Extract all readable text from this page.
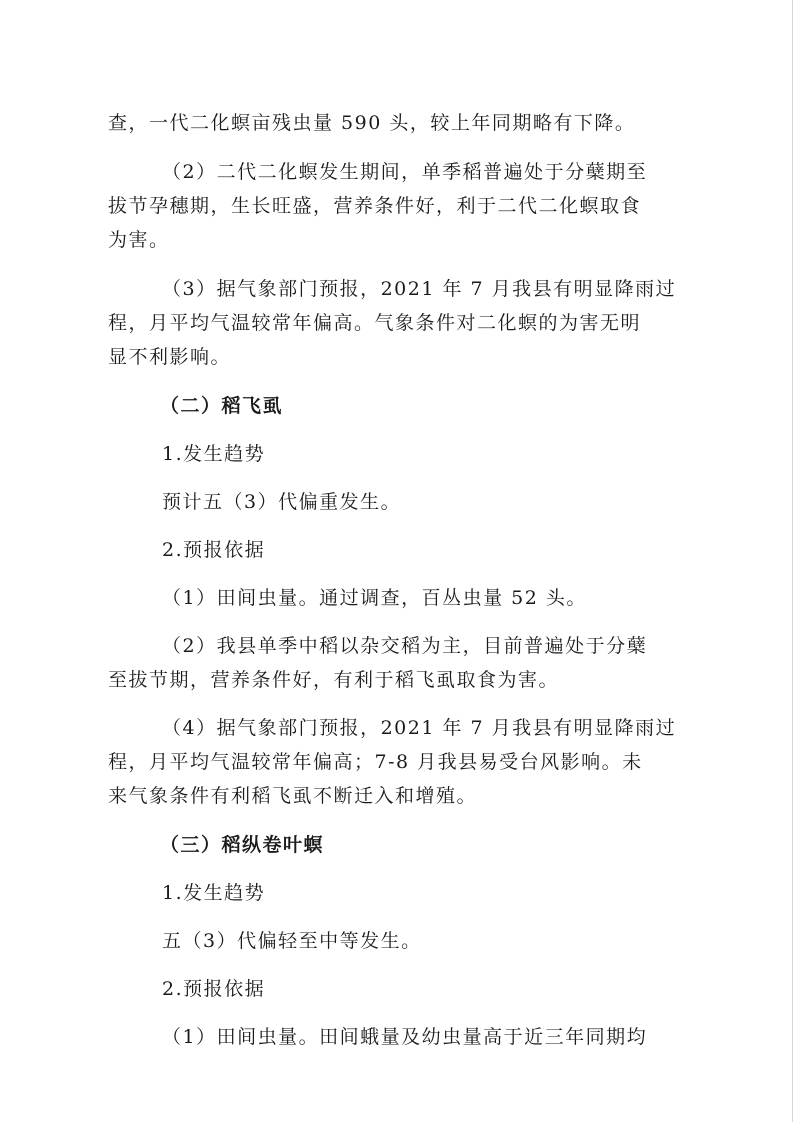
查，一代二化螟亩残虫量 590 头，较上年同期略有下降。
（2）二代二化螟发生期间，单季稻普遍处于分蘖期至
拔节孕穗期，生长旺盛，营养条件好，利于二代二化螟取食
为害。
（3）据气象部门预报，2021 年 7 月我县有明显降雨过
程，月平均气温较常年偏高。气象条件对二化螟的为害无明
显不利影响。
（二）稻飞虱
1.发生趋势
预计五（3）代偏重发生。
2.预报依据
（1）田间虫量。通过调查，百丛虫量 52 头。
（2）我县单季中稻以杂交稻为主，目前普遍处于分蘖
至拔节期，营养条件好，有利于稻飞虱取食为害。
（4）据气象部门预报，2021 年 7 月我县有明显降雨过
程，月平均气温较常年偏高；7-8 月我县易受台风影响。未
来气象条件有利稻飞虱不断迁入和增殖。
（三）稻纵卷叶螟
1.发生趋势
五（3）代偏轻至中等发生。
2.预报依据
（1）田间虫量。田间蛾量及幼虫量高于近三年同期均
